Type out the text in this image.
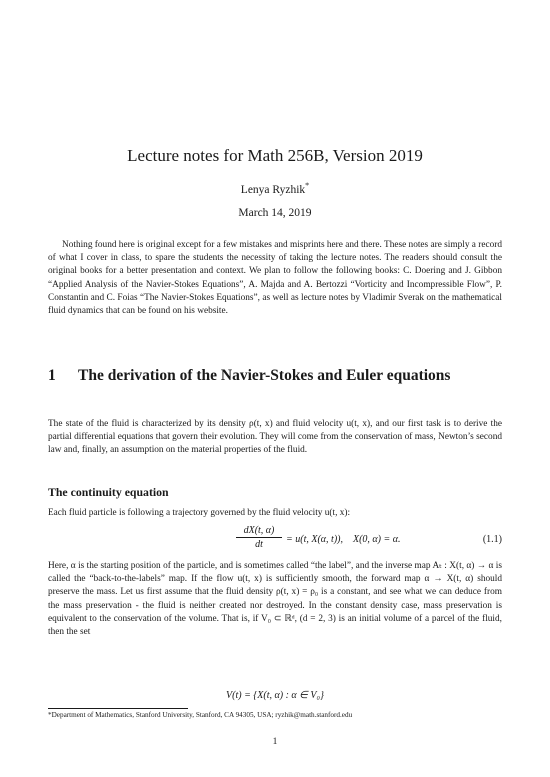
Lecture notes for Math 256B, Version 2019
Lenya Ryzhik*
March 14, 2019

Nothing found here is original except for a few mistakes and misprints here and there. These notes are simply a record of what I cover in class, to spare the students the necessity of taking the lecture notes. The readers should consult the original books for a better presentation and context. We plan to follow the following books: C. Doering and J. Gibbon “Applied Analysis of the Navier-Stokes Equations”, A. Majda and A. Bertozzi “Vorticity and Incompressible Flow”, P. Constantin and C. Foias “The Navier-Stokes Equations”, as well as lecture notes by Vladimir Sverak on the mathematical fluid dynamics that can be found on his website.

1 The derivation of the Navier-Stokes and Euler equations

The state of the fluid is characterized by its density ρ(t, x) and fluid velocity u(t, x), and our first task is to derive the partial differential equations that govern their evolution. They will come from the conservation of mass, Newton’s second law and, finally, an assumption on the material properties of the fluid.

The continuity equation

Each fluid particle is following a trajectory governed by the fluid velocity u(t, x):

$\frac{dX(t, \alpha)}{dt} = u(t$, X(α, t)),    X(0, α) = α.	(1.1)

Here, α is the starting position of the particle, and is sometimes called “the label”, and the inverse map Aₜ : X(t, α) → α is called the “back-to-the-labels” map. If the flow u(t, x) is sufficiently smooth, the forward map α → X(t, α) should preserve the mass. Let us first assume that the fluid density ρ(t, x) = ρ₀ is a constant, and see what we can deduce from the mass preservation - the fluid is neither created nor destroyed. In the constant density case, mass preservation is equivalent to the conservation of the volume. That is, if V₀ ⊂ ℝᵈ, (d = 2, 3) is an initial volume of a parcel of the fluid, then the set

V(t) = {X(t, α) : α ∈ V₀}
*Department of Mathematics, Stanford University, Stanford, CA 94305, USA; ryzhik@math.stanford.edu
1
